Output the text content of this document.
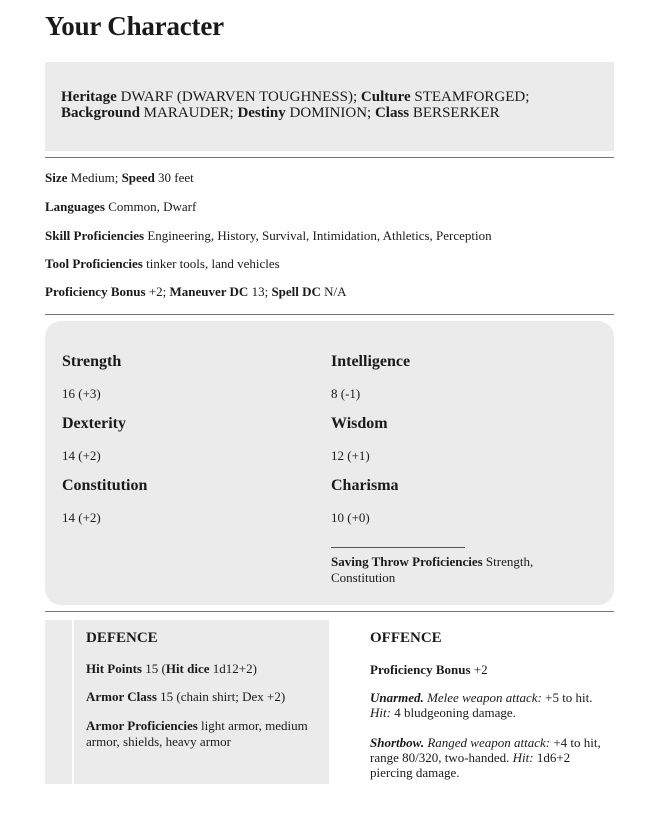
Your Character
Heritage DWARF (DWARVEN TOUGHNESS); Culture STEAMFORGED; Background MARAUDER; Destiny DOMINION; Class BERSERKER
Size Medium; Speed 30 feet
Languages Common, Dwarf
Skill Proficiencies Engineering, History, Survival, Intimidation, Athletics, Perception
Tool Proficiencies tinker tools, land vehicles
Proficiency Bonus +2; Maneuver DC 13; Spell DC N/A
Strength
16 (+3)
Dexterity
14 (+2)
Constitution
14 (+2)
Intelligence
8 (-1)
Wisdom
12 (+1)
Charisma
10 (+0)
Saving Throw Proficiencies Strength, Constitution
DEFENCE
Hit Points 15 (Hit dice 1d12+2)
Armor Class 15 (chain shirt; Dex +2)
Armor Proficiencies light armor, medium armor, shields, heavy armor
OFFENCE
Proficiency Bonus +2
Unarmed. Melee weapon attack: +5 to hit. Hit: 4 bludgeoning damage.
Shortbow. Ranged weapon attack: +4 to hit, range 80/320, two-handed. Hit: 1d6+2 piercing damage.
